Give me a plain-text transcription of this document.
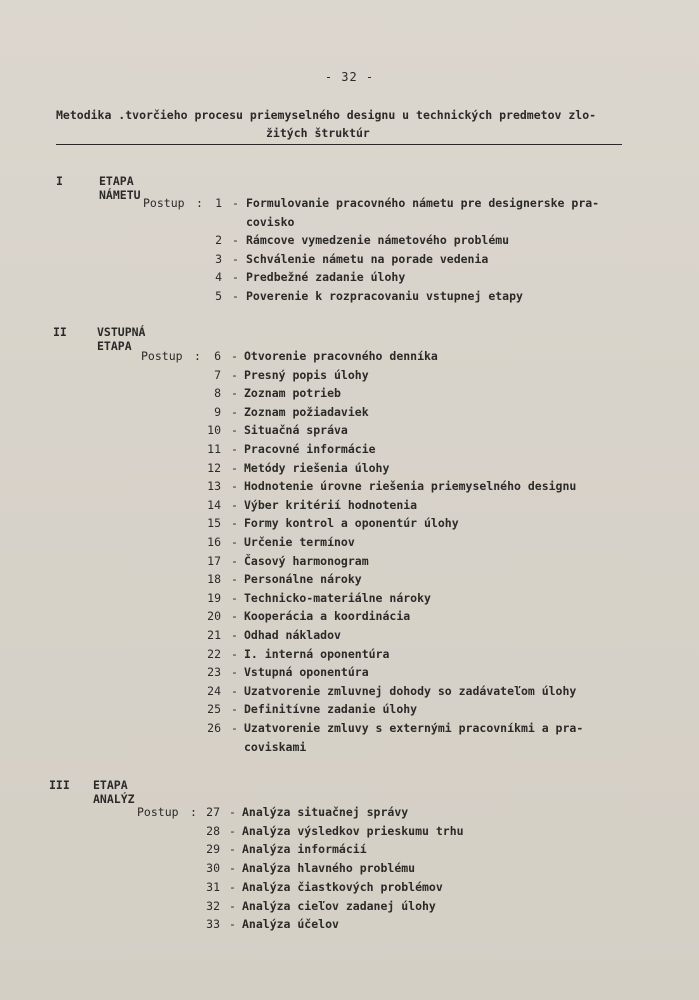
- 32 -
Metodika .tvorčieho procesu priemyselného designu u technických predmetov zlo-
žitých štruktúr
I	ETAPA NÁMETU
Postup :	1 - Formulovanie pracovného námetu pre designerske pra-
covisko
2 - Rámcove vymedzenie námetového problému
3 - Schválenie námetu na porade vedenia
4 - Predbežné zadanie úlohy
5 - Poverenie k rozpracovaniu vstupnej etapy
II	VSTUPNÁ ETAPA
Postup :	6 - Otvorenie pracovného denníka
7 - Presný popis úlohy
8 - Zoznam potrieb
9 - Zoznam požiadaviek
10 - Situačná správa
11 - Pracovné informácie
12 - Metódy riešenia úlohy
13 - Hodnotenie úrovne riešenia priemyselného designu
14 - Výber kritérií hodnotenia
15 - Formy kontrol a oponentúr úlohy
16 - Určenie termínov
17 - Časový harmonogram
18 - Personálne nároky
19 - Technicko-materiálne nároky
20 - Kooperácia a koordinácia
21 - Odhad nákladov
22 - I. interná oponentúra
23 - Vstupná oponentúra
24 - Uzatvorenie zmluvnej dohody so zadávateľom úlohy
25 - Definitívne zadanie úlohy
26 - Uzatvorenie zmluvy s externými pracovníkmi a pra-
coviskami
III ETAPA ANALÝZ
Postup : 27 - Analýza situačnej správy
28 - Analýza výsledkov prieskumu trhu
29 - Analýza informácií
30 - Analýza hlavného problému
31 - Analýza čiastkových problémov
32 - Analýza cieľov zadanej úlohy
33 - Analýza účelov
